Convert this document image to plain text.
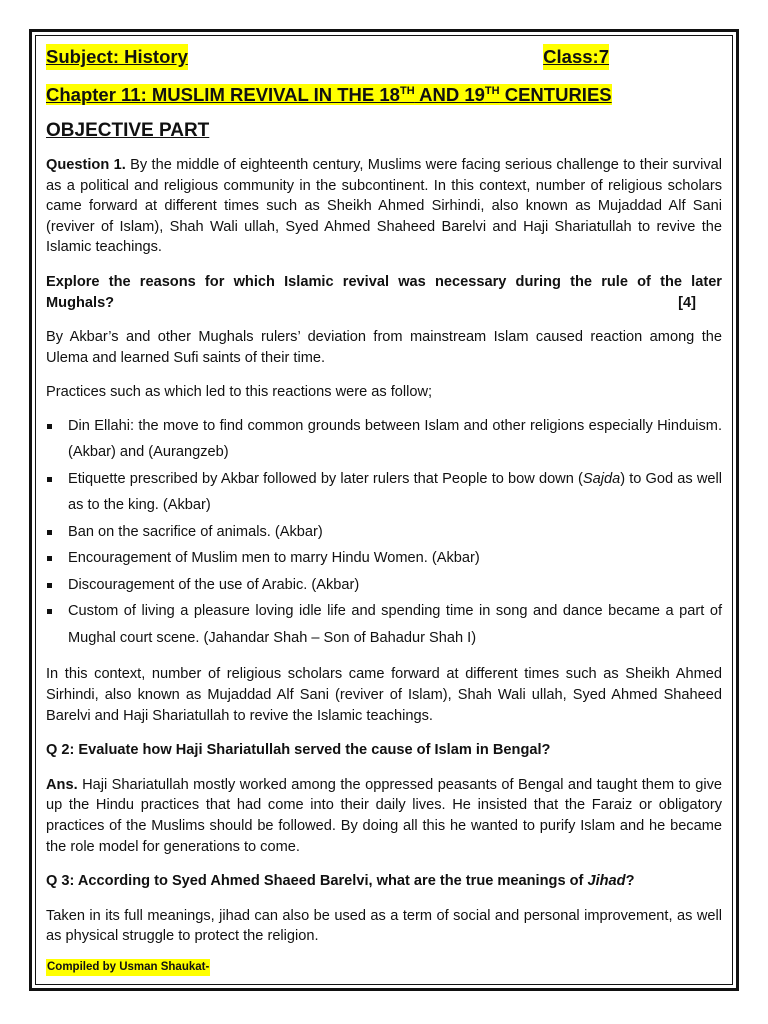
Subject: History	Class:7
Chapter 11: MUSLIM REVIVAL IN THE 18TH AND 19TH CENTURIES
OBJECTIVE PART

Question 1. By the middle of eighteenth century, Muslims were facing serious challenge to their survival as a political and religious community in the subcontinent. In this context, number of religious scholars came forward at different times such as Sheikh Ahmed Sirhindi, also known as Mujaddad Alf Sani (reviver of Islam), Shah Wali ullah, Syed Ahmed Shaheed Barelvi and Haji Shariatullah to revive the Islamic teachings.

Explore the reasons for which Islamic revival was necessary during the rule of the later Mughals?	[4]

By Akbar’s and other Mughals rulers’ deviation from mainstream Islam caused reaction among the Ulema and learned Sufi saints of their time.

Practices such as which led to this reactions were as follow;

Din Ellahi: the move to find common grounds between Islam and other religions especially Hinduism. (Akbar) and (Aurangzeb)
Etiquette prescribed by Akbar followed by later rulers that People to bow down (Sajda) to God as well as to the king. (Akbar)
Ban on the sacrifice of animals. (Akbar)
Encouragement of Muslim men to marry Hindu Women. (Akbar)
Discouragement of the use of Arabic. (Akbar)
Custom of living a pleasure loving idle life and spending time in song and dance became a part of Mughal court scene. (Jahandar Shah – Son of Bahadur Shah I)

In this context, number of religious scholars came forward at different times such as Sheikh Ahmed Sirhindi, also known as Mujaddad Alf Sani (reviver of Islam), Shah Wali ullah, Syed Ahmed Shaheed Barelvi and Haji Shariatullah to revive the Islamic teachings.

Q 2: Evaluate how Haji Shariatullah served the cause of Islam in Bengal?

Ans. Haji Shariatullah mostly worked among the oppressed peasants of Bengal and taught them to give up the Hindu practices that had come into their daily lives. He insisted that the Faraiz or obligatory practices of the Muslims should be followed. By doing all this he wanted to purify Islam and he became the role model for generations to come.

Q 3: According to Syed Ahmed Shaeed Barelvi, what are the true meanings of Jihad?

Taken in its full meanings, jihad can also be used as a term of social and personal improvement, as well as physical struggle to protect the religion.

Compiled by Usman Shaukat-
